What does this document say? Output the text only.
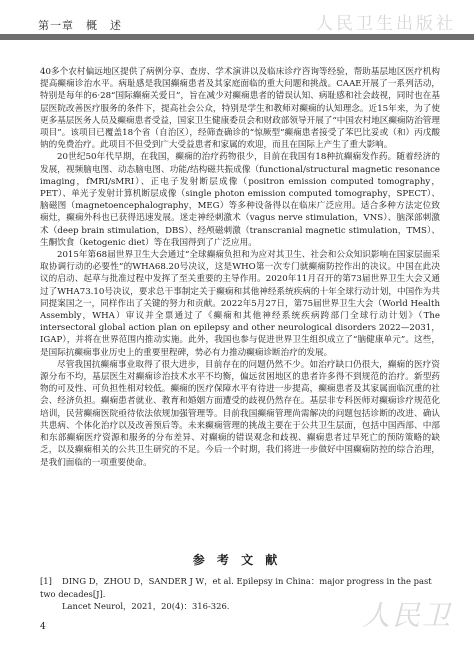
第一章　概　述	人民卫生出版社

40多个农村偏远地区提供了病例分享、查房、学术演讲以及临床诊疗咨询等经验，帮助基层地区医疗机构提高癫痫诊治水平。病耻感是我国癫痫患者及其家庭面临的重大问题和挑战。CAAE开展了一系列活动，特别是每年的6·28“国际癫痫关爱日”，旨在减少对癫痫患者的错误认知、病耻感和社会歧视，同时也在基层医院改善医疗服务的条件下，提高社会公众，特别是学生和教师对癫痫的认知理念。近15年来，为了使更多基层医务人员及癫痫患者受益，国家卫生健康委员会和财政部领导开展了“中国农村地区癫痫防治管理项目”。该项目已覆盖18个省（自治区），经筛查确诊的“惊厥型”癫痫患者接受了苯巴比妥或（和）丙戊酸钠的免费治疗。此项目不但受到广大受益患者和家属的欢迎，而且在国际上产生了重大影响。

20世纪50年代早期，在我国，癫痫的治疗药物很少，目前在我国有18种抗癫痫发作药。随着经济的发展，视频脑电图、动态脑电图、功能/结构磁共振成像（functional/structural magnetic resonance imaging，fMRI/sMRI）、正电子发射断层成像（positron emission computed tomography，PET）、单光子发射计算机断层成像（single photon emission computed tomography，SPECT）、脑磁图（magnetoencephalography，MEG）等多种设备得以在临床广泛应用。适合多种方法定位致痫灶，癫痫外科也已获得迅速发展。迷走神经刺激术（vagus nerve stimulation，VNS）、脑深部刺激术（deep brain stimulation，DBS）、经颅磁刺激（transcranial magnetic stimulation，TMS）、生酮饮食（ketogenic diet）等在我国得到了广泛应用。

2015年第68届世界卫生大会通过“全球癫痫负担和为应对其卫生、社会和公众知识影响在国家层面采取协调行动的必要性”的WHA68.20号决议，这是WHO第一次专门就癫痫防控作出的决议。中国在此决议的启动、起草与批准过程中发挥了至关重要的主导作用。2020年11月召开的第73届世界卫生大会又通过了WHA73.10号决议，要求总干事制定关于癫痫和其他神经系统疾病的十年全球行动计划，中国作为共同提案国之一，同样作出了关键的努力和贡献。2022年5月27日，第75届世界卫生大会（World Health Assembly，WHA）审议并全票通过了《癫痫和其他神经系统疾病跨部门全球行动计划》（The intersectoral global action plan on epilepsy and other neurological disorders 2022—2031，IGAP），并将在世界范围内推动实施。此外，我国也参与促进世界卫生组织成立了“脑健康单元”。这些，是国际抗癫痫事业历史上的重要里程碑，势必有力推动癫痫诊断治疗的发展。

尽管我国抗癫痫事业取得了很大进步，目前存在的问题仍然不少。如治疗缺口仍很大，癫痫的医疗资源分布不均，基层医生对癫痫诊治技术水平不均衡，偏远贫困地区的患者许多得不到规范的治疗。新型药物的可及性、可负担性相对较低。癫痫的医疗保障水平有待进一步提高，癫痫患者及其家属面临沉重的社会、经济负担。癫痫患者就业、教育和婚姻方面遭受的歧视仍然存在。基层非专科医师对癫痫诊疗规范化培训，民营癫痫医院亟待依法依规加强管理等。目前我国癫痫管理尚需解决的问题包括诊断的改进、确认共患病、个体化治疗以及改善预后等。未来癫痫管理的挑战主要在于公共卫生层面，包括中国西部、中部和东部癫痫医疗资源和服务的分布差异、对癫痫的错误观念和歧视、癫痫患者过早死亡的预防策略的缺乏，以及癫痫相关的公共卫生研究的不足。今后一个时期，我们将进一步做好中国癫痫防控的综合治理，是我们面临的一项重要使命。

参 考 文 献
[1] DING D，ZHOU D，SANDER J W，et al. Epilepsy in China：major progress in the past two decades[J].
Lancet Neurol，2021，20(4)：316-326.	人民卫
4
